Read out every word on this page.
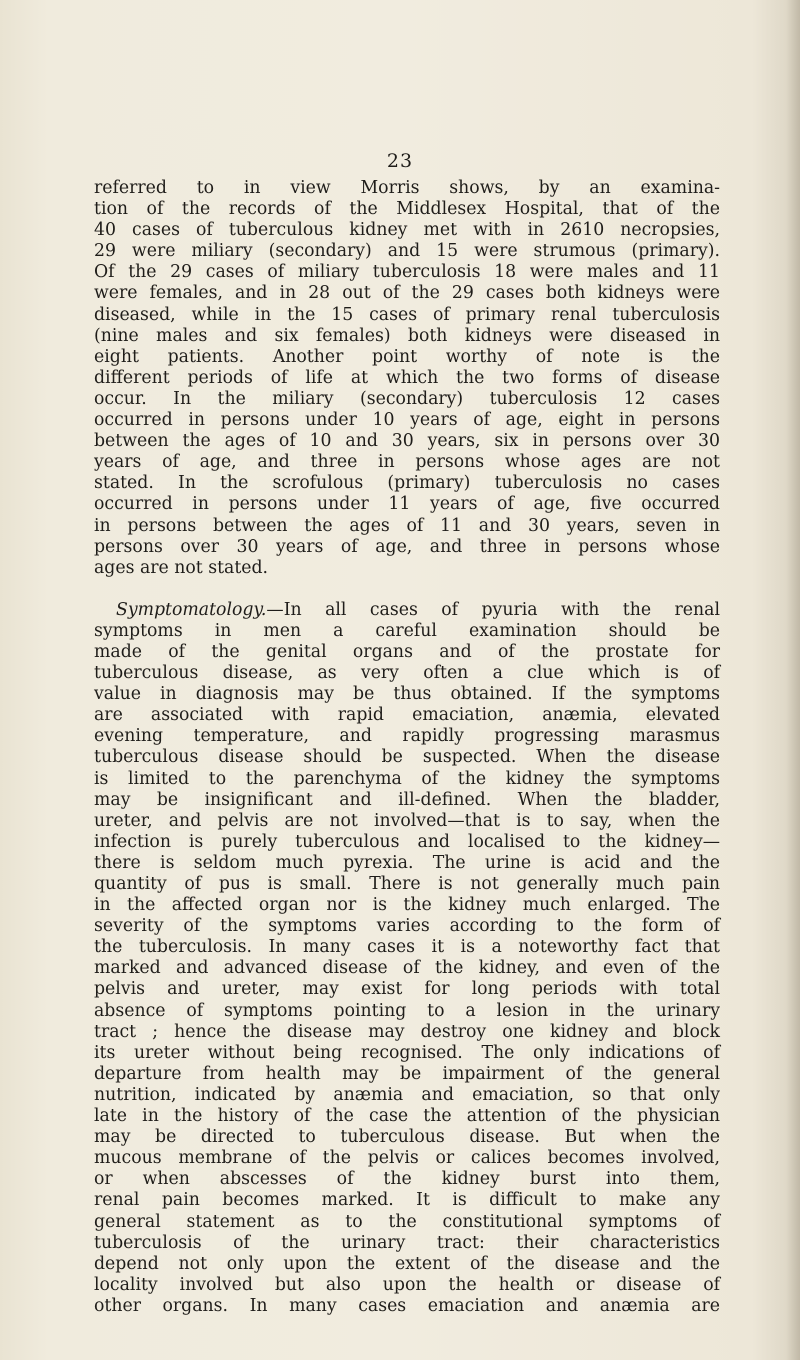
23
referred to in view Morris shows, by an examina-
tion of the records of the Middlesex Hospital, that of the
40 cases of tuberculous kidney met with in 2610 necropsies,
29 were miliary (secondary) and 15 were strumous (primary).
Of the 29 cases of miliary tuberculosis 18 were males and 11
were females, and in 28 out of the 29 cases both kidneys were
diseased, while in the 15 cases of primary renal tuberculosis
(nine males and six females) both kidneys were diseased in
eight patients. Another point worthy of note is the
different periods of life at which the two forms of disease
occur. In the miliary (secondary) tuberculosis 12 cases
occurred in persons under 10 years of age, eight in persons
between the ages of 10 and 30 years, six in persons over 30
years of age, and three in persons whose ages are not
stated. In the scrofulous (primary) tuberculosis no cases
occurred in persons under 11 years of age, five occurred
in persons between the ages of 11 and 30 years, seven in
persons over 30 years of age, and three in persons whose
ages are not stated.
Symptomatology.—In all cases of pyuria with the renal
symptoms in men a careful examination should be
made of the genital organs and of the prostate for
tuberculous disease, as very often a clue which is of
value in diagnosis may be thus obtained. If the symptoms
are associated with rapid emaciation, anæmia, elevated
evening temperature, and rapidly progressing marasmus
tuberculous disease should be suspected. When the disease
is limited to the parenchyma of the kidney the symptoms
may be insignificant and ill-defined. When the bladder,
ureter, and pelvis are not involved—that is to say, when the
infection is purely tuberculous and localised to the kidney—
there is seldom much pyrexia. The urine is acid and the
quantity of pus is small. There is not generally much pain
in the affected organ nor is the kidney much enlarged. The
severity of the symptoms varies according to the form of
the tuberculosis. In many cases it is a noteworthy fact that
marked and advanced disease of the kidney, and even of the
pelvis and ureter, may exist for long periods with total
absence of symptoms pointing to a lesion in the urinary
tract ; hence the disease may destroy one kidney and block
its ureter without being recognised. The only indications of
departure from health may be impairment of the general
nutrition, indicated by anæmia and emaciation, so that only
late in the history of the case the attention of the physician
may be directed to tuberculous disease. But when the
mucous membrane of the pelvis or calices becomes involved,
or when abscesses of the kidney burst into them,
renal pain becomes marked. It is difficult to make any
general statement as to the constitutional symptoms of
tuberculosis of the urinary tract: their characteristics
depend not only upon the extent of the disease and the
locality involved but also upon the health or disease of
other organs. In many cases emaciation and anæmia are
